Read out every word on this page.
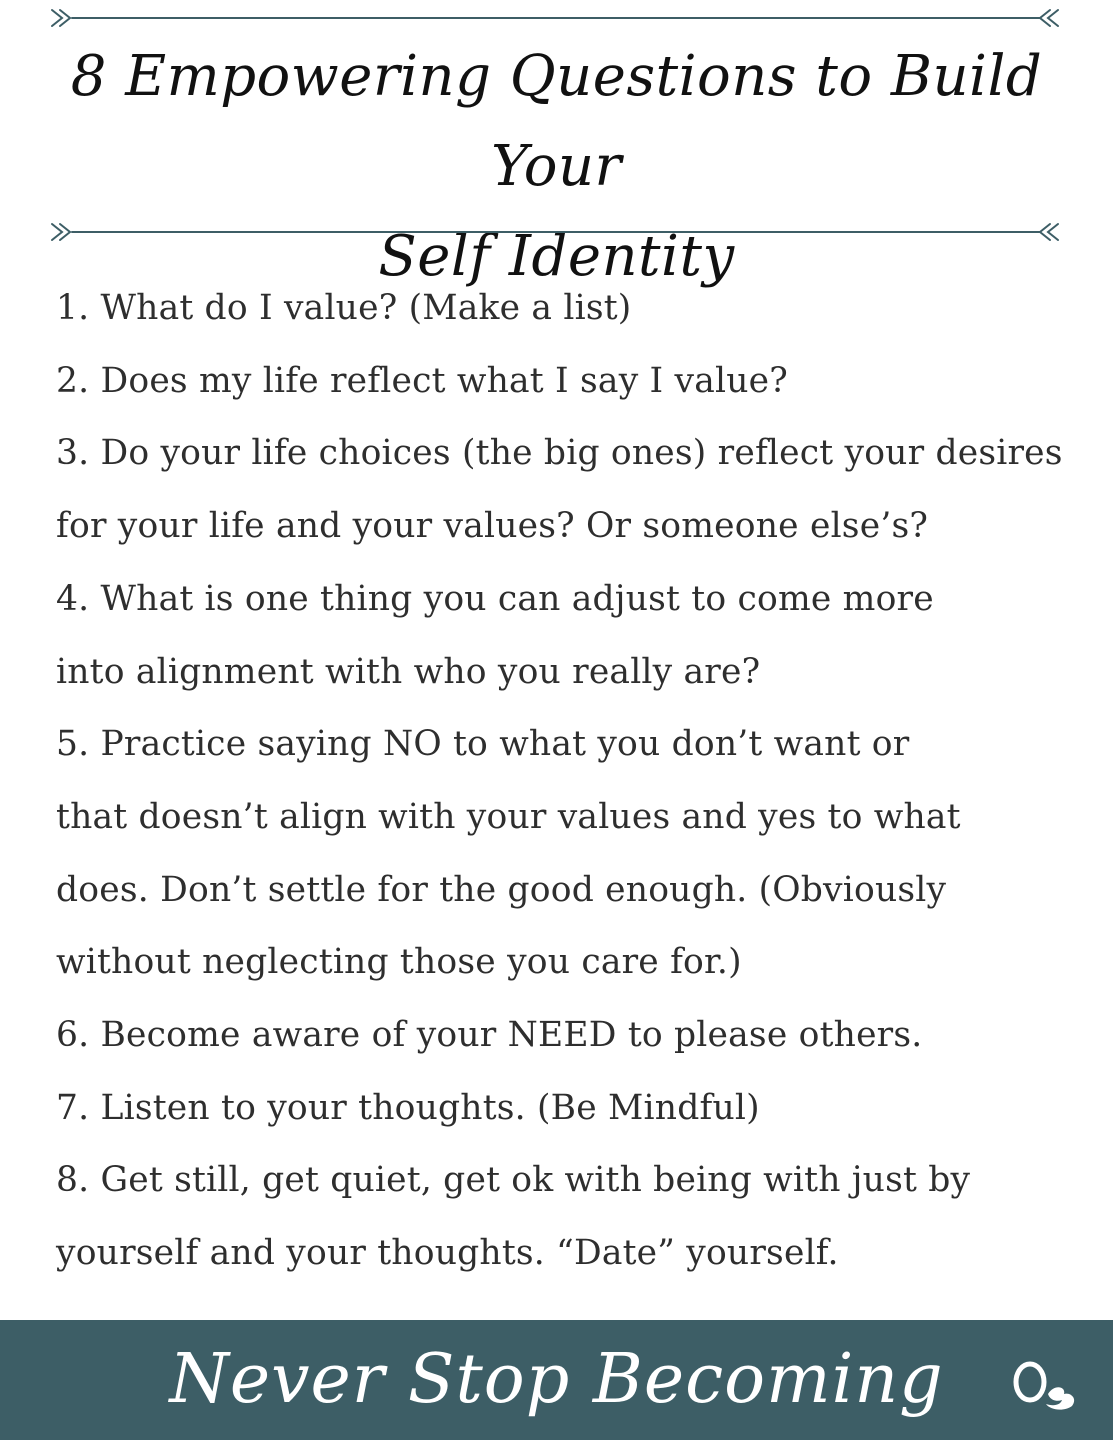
8 Empowering Questions to Build Your
Self Identity
1. What do I value? (Make a list)
2. Does my life reflect what I say I value?
3. Do your life choices (the big ones) reflect your desires
for your life and your values? Or someone else’s?
4. What is one thing you can adjust to come more
into alignment with who you really are?
5. Practice saying NO to what you don’t want or
that doesn’t align with your values and yes to what
does. Don’t settle for the good enough. (Obviously
without neglecting those you care for.)
6. Become aware of your NEED to please others.
7. Listen to your thoughts. (Be Mindful)
8. Get still, get quiet, get ok with being with just by
yourself and your thoughts. “Date” yourself.
Never Stop Becoming
